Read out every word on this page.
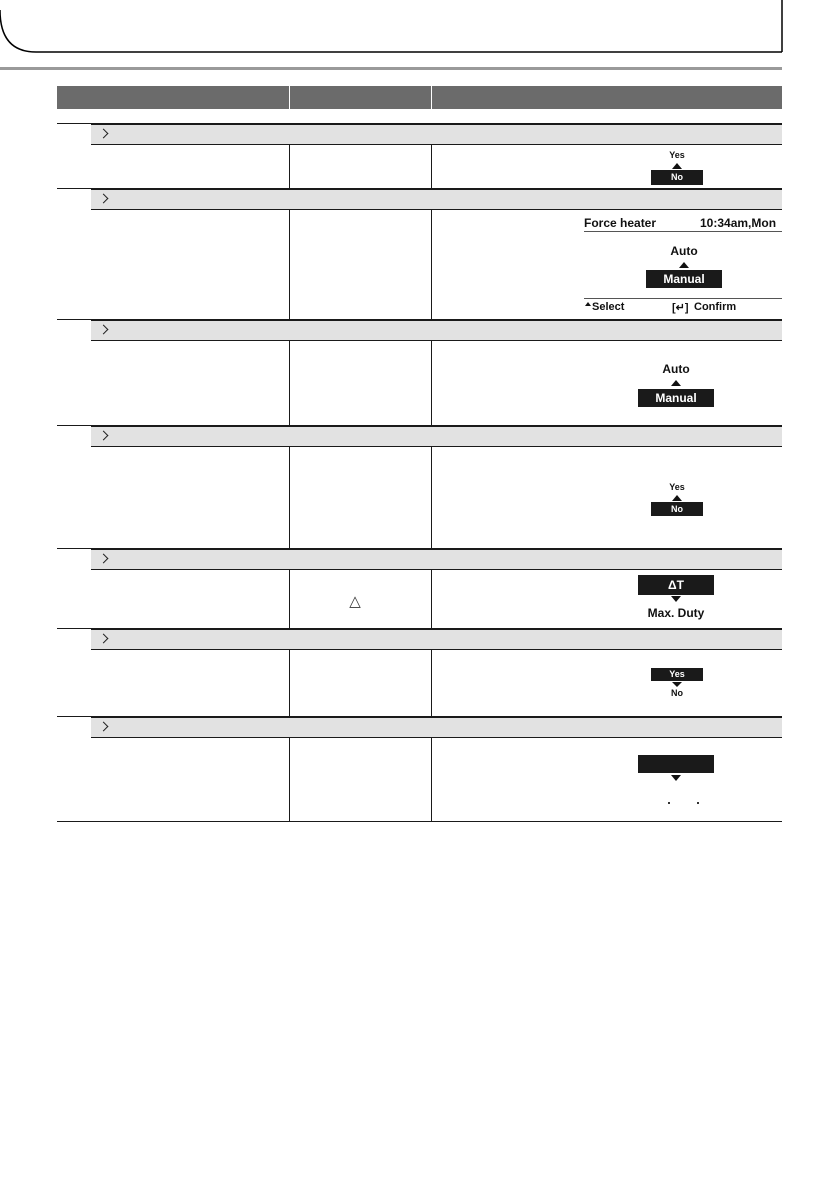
Yes
No
Force heater	10:34am,Mon
Auto
Manual
Select	[↵] Confirm
Auto
Manual
Yes
No
△
ΔT
Max. Duty
Yes
No
